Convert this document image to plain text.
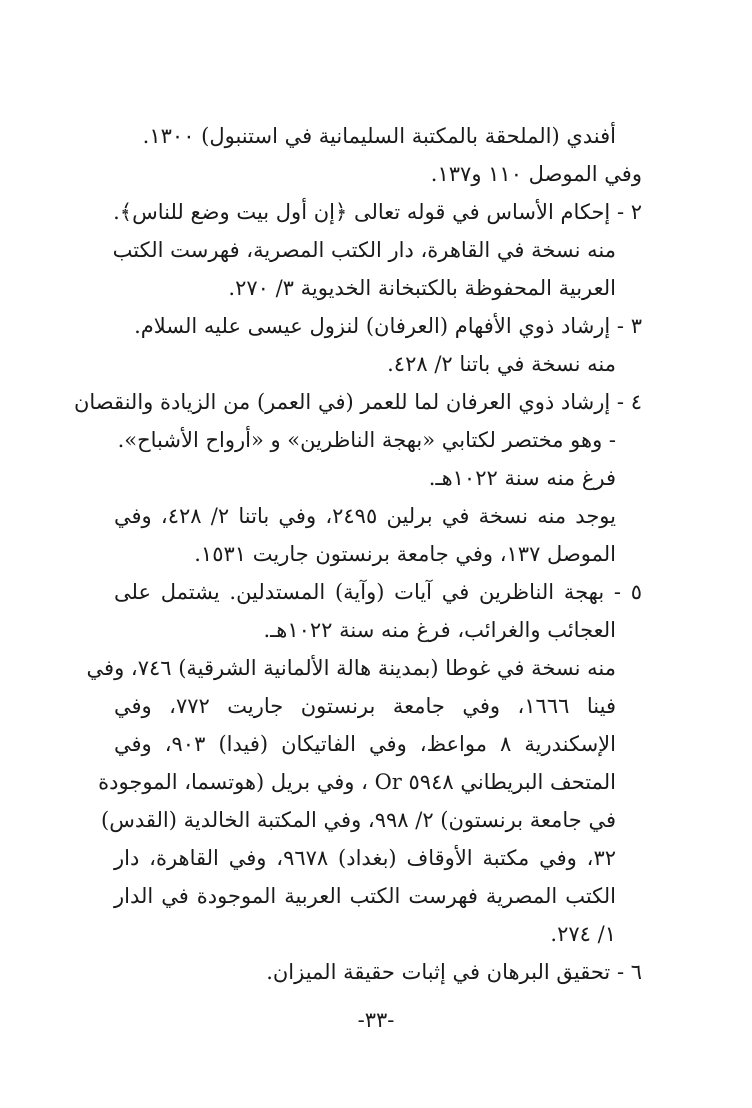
أفندي (الملحقة بالمكتبة السليمانية في استنبول) ١٣٠٠.
وفي الموصل ١١٠ و١٣٧.
٢ - إحكام الأساس في قوله تعالى ﴿إن أول بيت وضع للناس﴾.
منه نسخة في القاهرة، دار الكتب المصرية، فهرست الكتب
العربية المحفوظة بالكتبخانة الخديوية ٣/ ٢٧٠.
٣ - إرشاد ذوي الأفهام (العرفان) لنزول عيسى عليه السلام.
منه نسخة في باتنا ٢/ ٤٢٨.
٤ - إرشاد ذوي العرفان لما للعمر (في العمر) من الزيادة والنقصان
- وهو مختصر لكتابي «بهجة الناظرين» و «أرواح الأشباح».
فرغ منه سنة ١٠٢٢هـ.
يوجد منه نسخة في برلين ٢٤٩٥، وفي باتنا ٢/ ٤٢٨، وفي
الموصل ١٣٧، وفي جامعة برنستون جاريت ١٥٣١.
٥ - بهجة الناظرين في آيات (وآية) المستدلين. يشتمل على
العجائب والغرائب، فرغ منه سنة ١٠٢٢هـ.
منه نسخة في غوطا (بمدينة هالة الألمانية الشرقية) ٧٤٦، وفي
فينا ١٦٦٦، وفي جامعة برنستون جاريت ٧٧٢، وفي
الإسكندرية ٨ مواعظ، وفي الفاتيكان (فيدا) ٩٠٣، وفي
المتحف البريطاني ٥٩٤٨ Or ، وفي بريل (هوتسما، الموجودة
في جامعة برنستون) ٢/ ٩٩٨، وفي المكتبة الخالدية (القدس)
٣٢، وفي مكتبة الأوقاف (بغداد) ٩٦٧٨، وفي القاهرة، دار
الكتب المصرية فهرست الكتب العربية الموجودة في الدار
١/ ٢٧٤.
٦ - تحقيق البرهان في إثبات حقيقة الميزان.
-٣٣-
